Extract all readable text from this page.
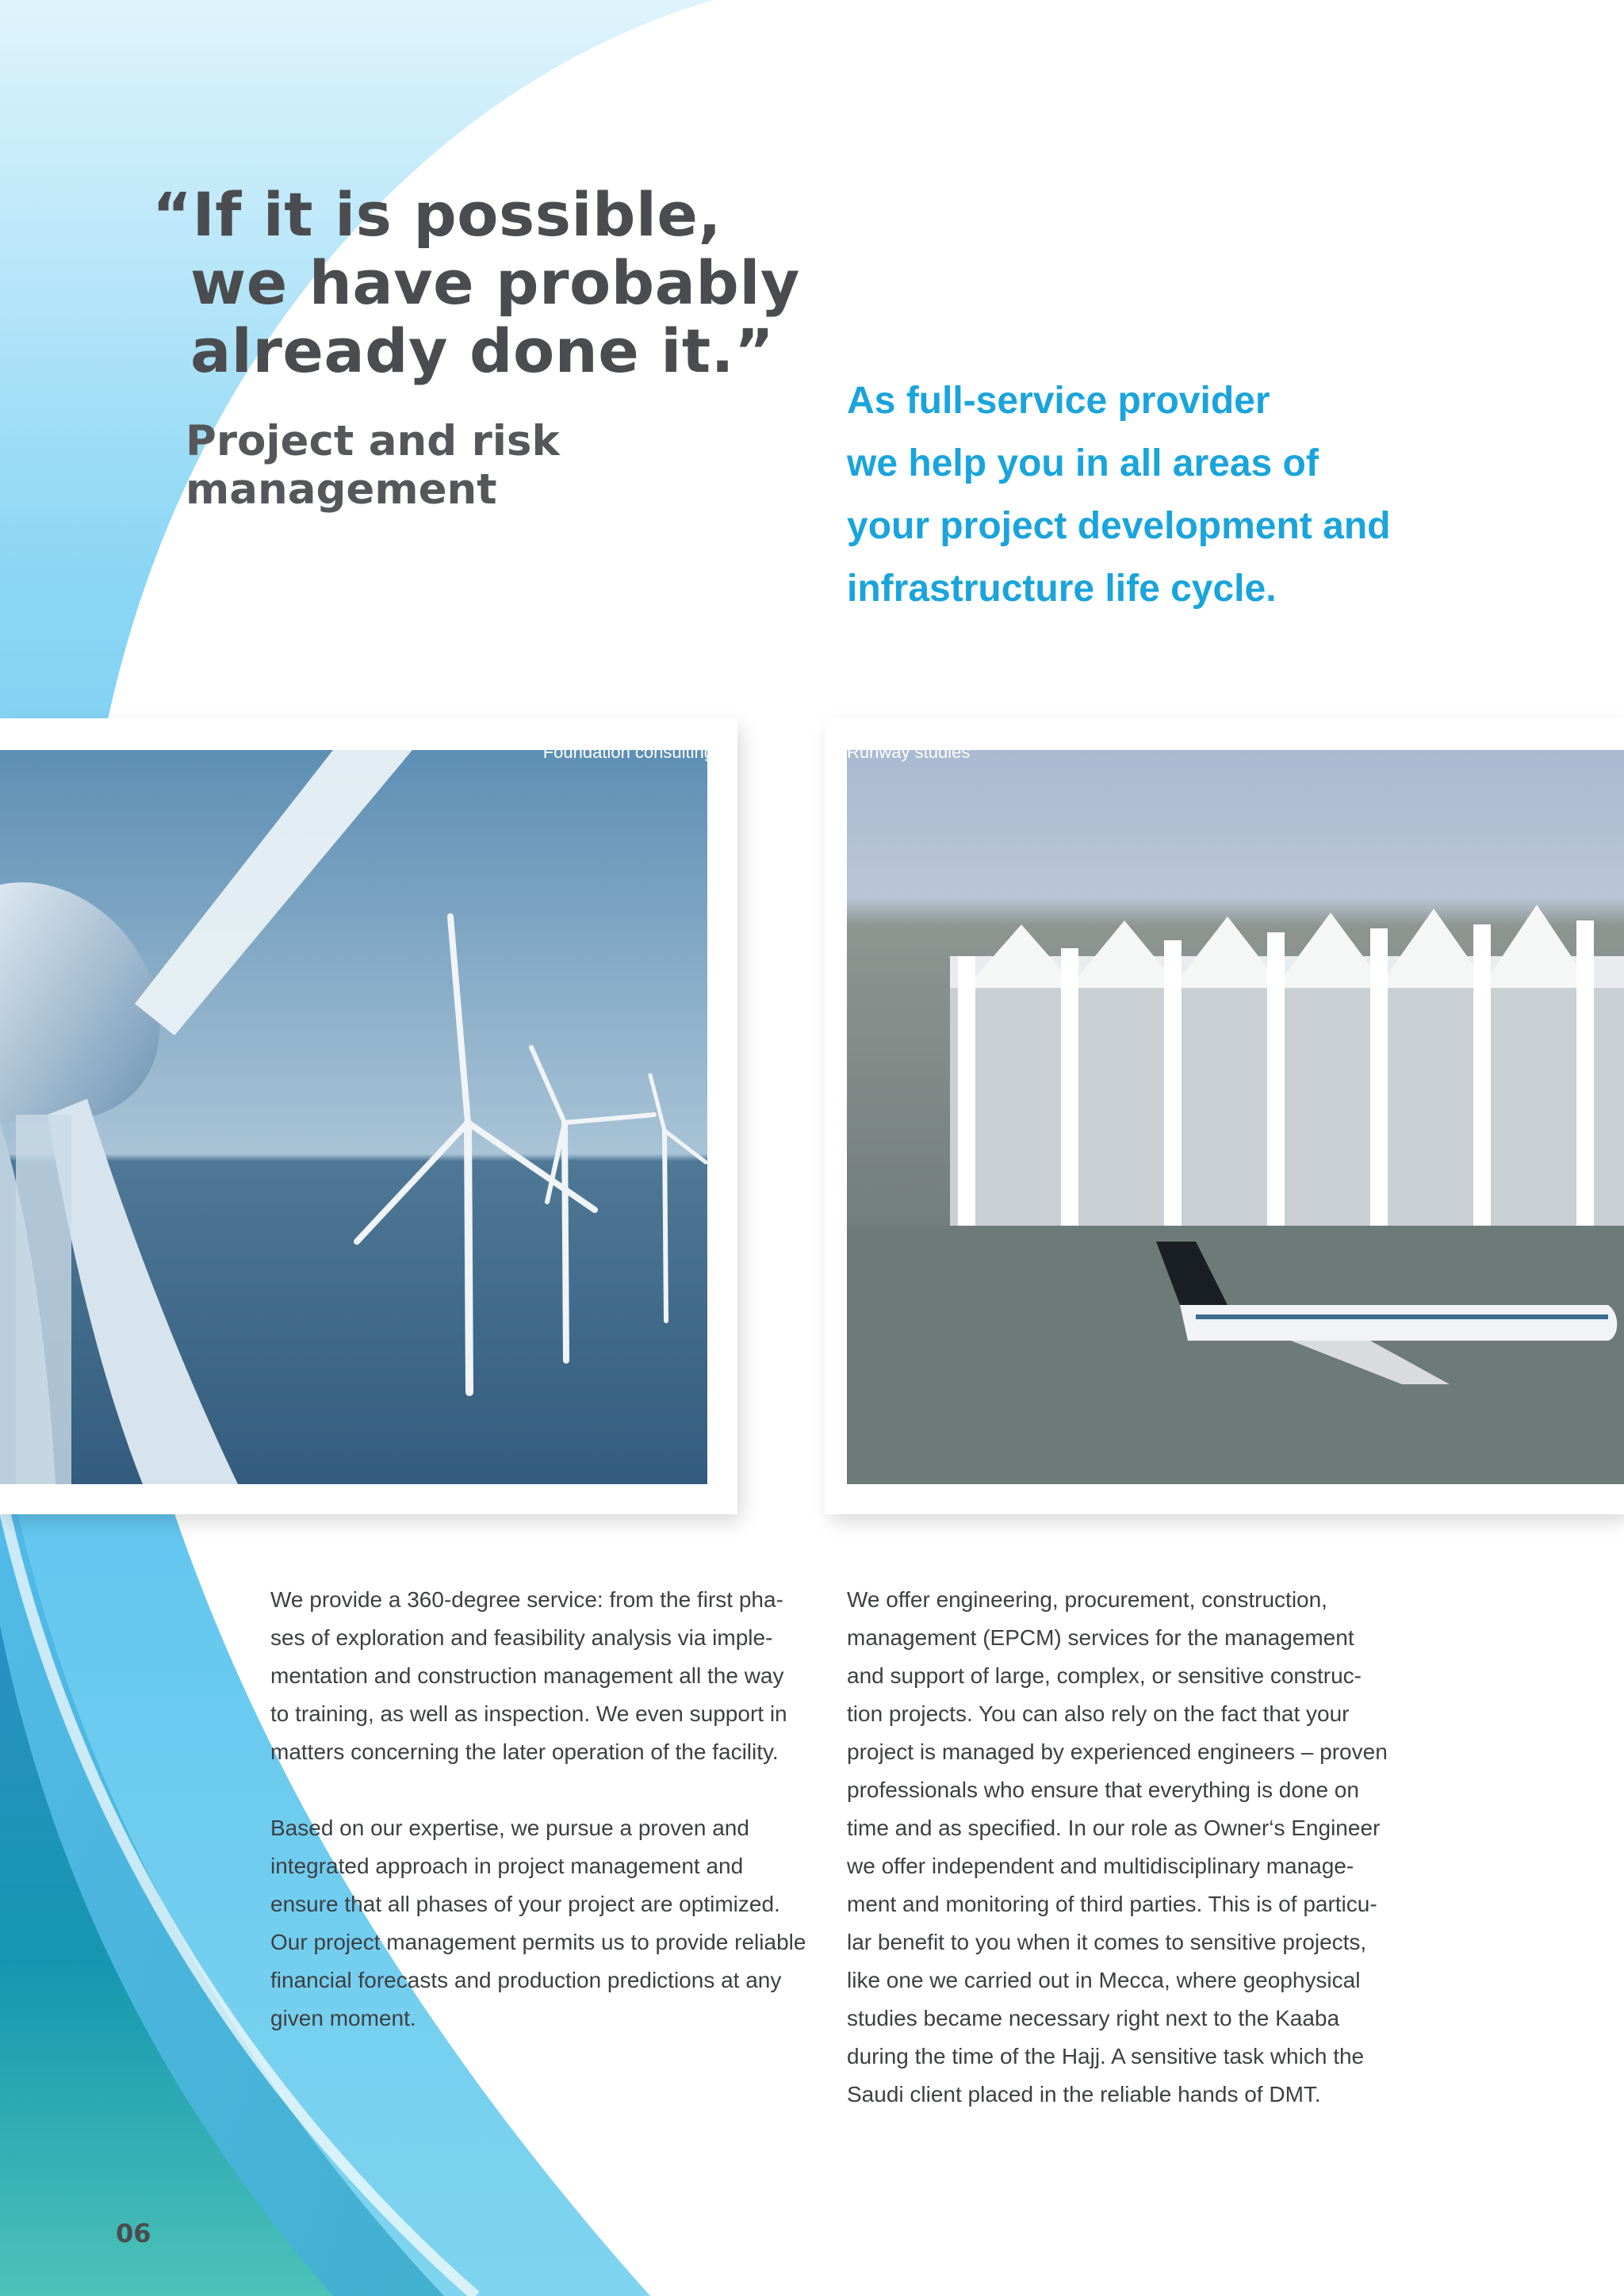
“If it is possible,
we have probably
already done it.”
Project and risk
management

As full-service provider
we help you in all areas of
your project development and
infrastructure life cycle.

Foundation consulting	Runway studies

We provide a 360-degree service: from the first pha-
ses of exploration and feasibility analysis via imple-
mentation and construction management all the way
to training, as well as inspection. We even support in
matters concerning the later operation of the facility.

Based on our expertise, we pursue a proven and
integrated approach in project management and
ensure that all phases of your project are optimized.
Our project management permits us to provide reliable
financial forecasts and production predictions at any
given moment.

We offer engineering, procurement, construction,
management (EPCM) services for the management
and support of large, complex, or sensitive construc-
tion projects. You can also rely on the fact that your
project is managed by experienced engineers – proven
professionals who ensure that everything is done on
time and as specified. In our role as Owner‘s Engineer
we offer independent and multidisciplinary manage-
ment and monitoring of third parties. This is of particu-
lar benefit to you when it comes to sensitive projects,
like one we carried out in Mecca, where geophysical
studies became necessary right next to the Kaaba
during the time of the Hajj. A sensitive task which the
Saudi client placed in the reliable hands of DMT.

06
